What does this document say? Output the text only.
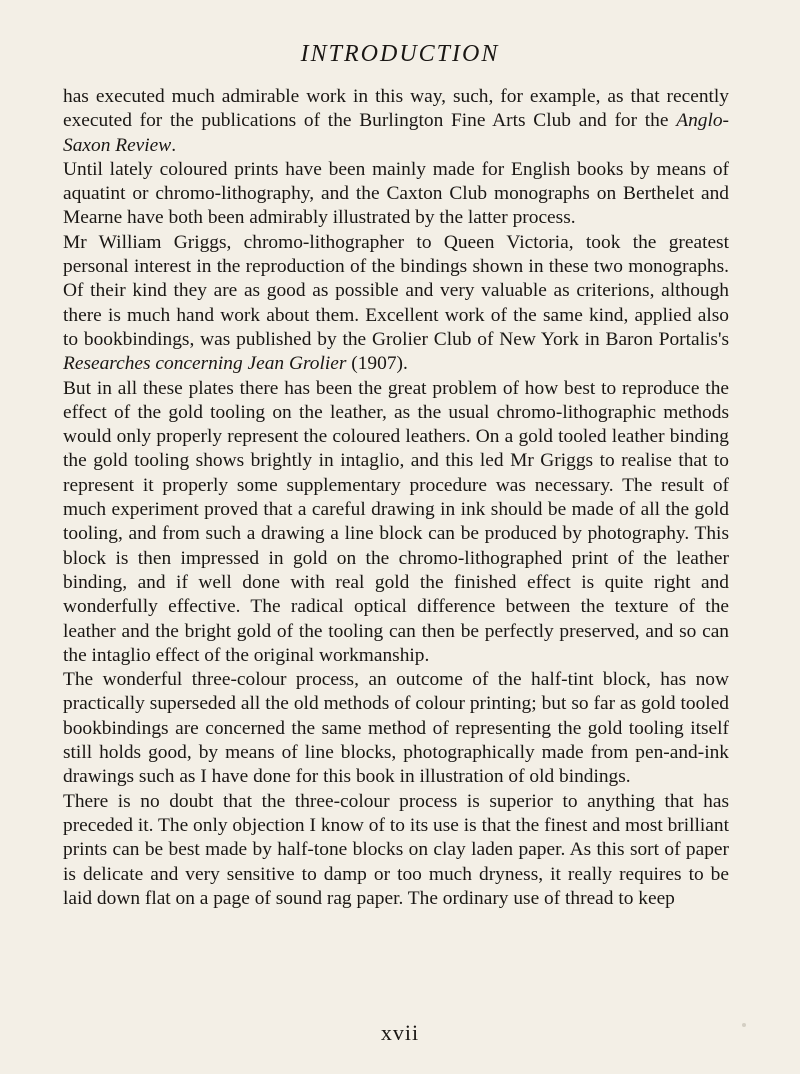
INTRODUCTION

has executed much admirable work in this way, such, for example, as that recently executed for the publications of the Burlington Fine Arts Club and for the Anglo-Saxon Review.

Until lately coloured prints have been mainly made for English books by means of aquatint or chromo-lithography, and the Caxton Club monographs on Berthelet and Mearne have both been admirably illustrated by the latter process.

Mr William Griggs, chromo-lithographer to Queen Victoria, took the greatest personal interest in the reproduction of the bindings shown in these two monographs. Of their kind they are as good as possible and very valuable as criterions, although there is much hand work about them. Excellent work of the same kind, applied also to bookbindings, was published by the Grolier Club of New York in Baron Portalis's Researches concerning Jean Grolier (1907).

But in all these plates there has been the great problem of how best to reproduce the effect of the gold tooling on the leather, as the usual chromo-lithographic methods would only properly represent the coloured leathers. On a gold tooled leather binding the gold tooling shows brightly in intaglio, and this led Mr Griggs to realise that to represent it properly some supplementary procedure was necessary. The result of much experiment proved that a careful drawing in ink should be made of all the gold tooling, and from such a drawing a line block can be produced by photography. This block is then impressed in gold on the chromo-lithographed print of the leather binding, and if well done with real gold the finished effect is quite right and wonderfully effective. The radical optical difference between the texture of the leather and the bright gold of the tooling can then be perfectly preserved, and so can the intaglio effect of the original workmanship.

The wonderful three-colour process, an outcome of the half-tint block, has now practically superseded all the old methods of colour printing; but so far as gold tooled bookbindings are concerned the same method of representing the gold tooling itself still holds good, by means of line blocks, photographically made from pen-and-ink drawings such as I have done for this book in illustration of old bindings.

There is no doubt that the three-colour process is superior to anything that has preceded it. The only objection I know of to its use is that the finest and most brilliant prints can be best made by half-tone blocks on clay laden paper. As this sort of paper is delicate and very sensitive to damp or too much dryness, it really requires to be laid down flat on a page of sound rag paper. The ordinary use of thread to keep

xvii
